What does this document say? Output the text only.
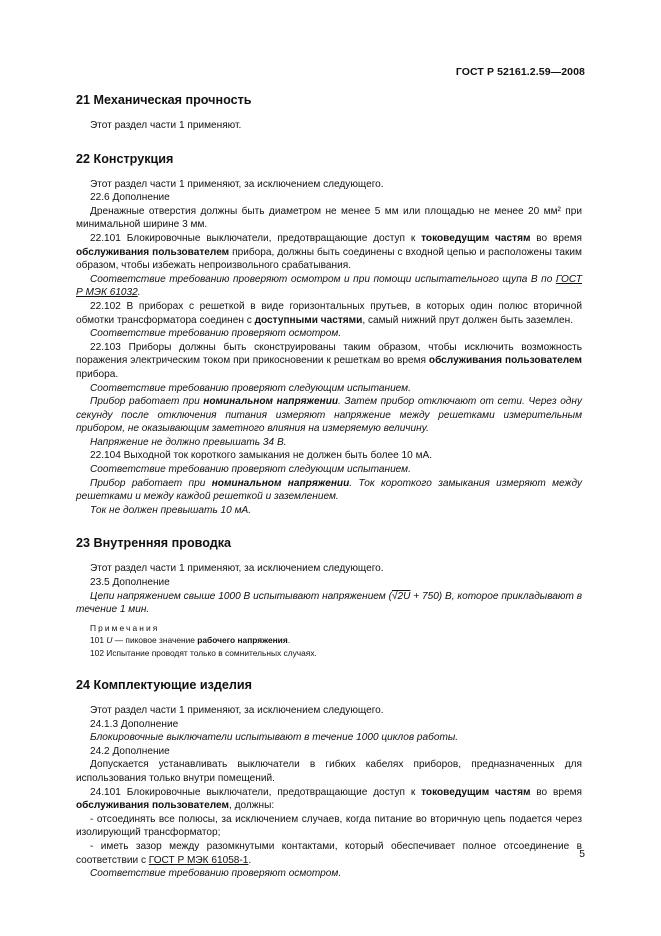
ГОСТ Р 52161.2.59—2008
21 Механическая прочность

Этот раздел части 1 применяют.

22 Конструкция

Этот раздел части 1 применяют, за исключением следующего.

22.6 Дополнение

Дренажные отверстия должны быть диаметром не менее 5 мм или площадью не менее 20 мм² при минимальной ширине 3 мм.

22.101 Блокировочные выключатели, предотвращающие доступ к токоведущим частям во время обслуживания пользователем прибора, должны быть соединены с входной цепью и расположены таким образом, чтобы избежать непроизвольного срабатывания.

Соответствие требованию проверяют осмотром и при помощи испытательного щупа В по ГОСТ Р МЭК 61032.

22.102 В приборах с решеткой в виде горизонтальных прутьев, в которых один полюс вторичной обмотки трансформатора соединен с доступными частями, самый нижний прут должен быть заземлен.

Соответствие требованию проверяют осмотром.

22.103 Приборы должны быть сконструированы таким образом, чтобы исключить возможность поражения электрическим током при прикосновении к решеткам во время обслуживания пользователем прибора.

Соответствие требованию проверяют следующим испытанием.

Прибор работает при номинальном напряжении. Затем прибор отключают от сети. Через одну секунду после отключения питания измеряют напряжение между решетками измерительным прибором, не оказывающим заметного влияния на измеряемую величину.

Напряжение не должно превышать 34 В.

22.104 Выходной ток короткого замыкания не должен быть более 10 мА.

Соответствие требованию проверяют следующим испытанием.

Прибор работает при номинальном напряжении. Ток короткого замыкания измеряют между решетками и между каждой решеткой и заземлением.

Ток не должен превышать 10 мА.

23 Внутренняя проводка

Этот раздел части 1 применяют, за исключением следующего.

23.5 Дополнение

Цепи напряжением свыше 1000 В испытывают напряжением $(√2\overline{U} + 750)$ В, которое прикладывают в течение 1 мин.

Примечания

101 U — пиковое значение рабочего напряжения.

102 Испытание проводят только в сомнительных случаях.

24 Комплектующие изделия

Этот раздел части 1 применяют, за исключением следующего.

24.1.3 Дополнение

Блокировочные выключатели испытывают в течение 1000 циклов работы.

24.2 Дополнение

Допускается устанавливать выключатели в гибких кабелях приборов, предназначенных для использования только внутри помещений.

24.101 Блокировочные выключатели, предотвращающие доступ к токоведущим частям во время обслуживания пользователем, должны:

- отсоединять все полюсы, за исключением случаев, когда питание во вторичную цепь подается через изолирующий трансформатор;

- иметь зазор между разомкнутыми контактами, который обеспечивает полное отсоединение в соответствии с ГОСТ Р МЭК 61058-1.

Соответствие требованию проверяют осмотром.

5
